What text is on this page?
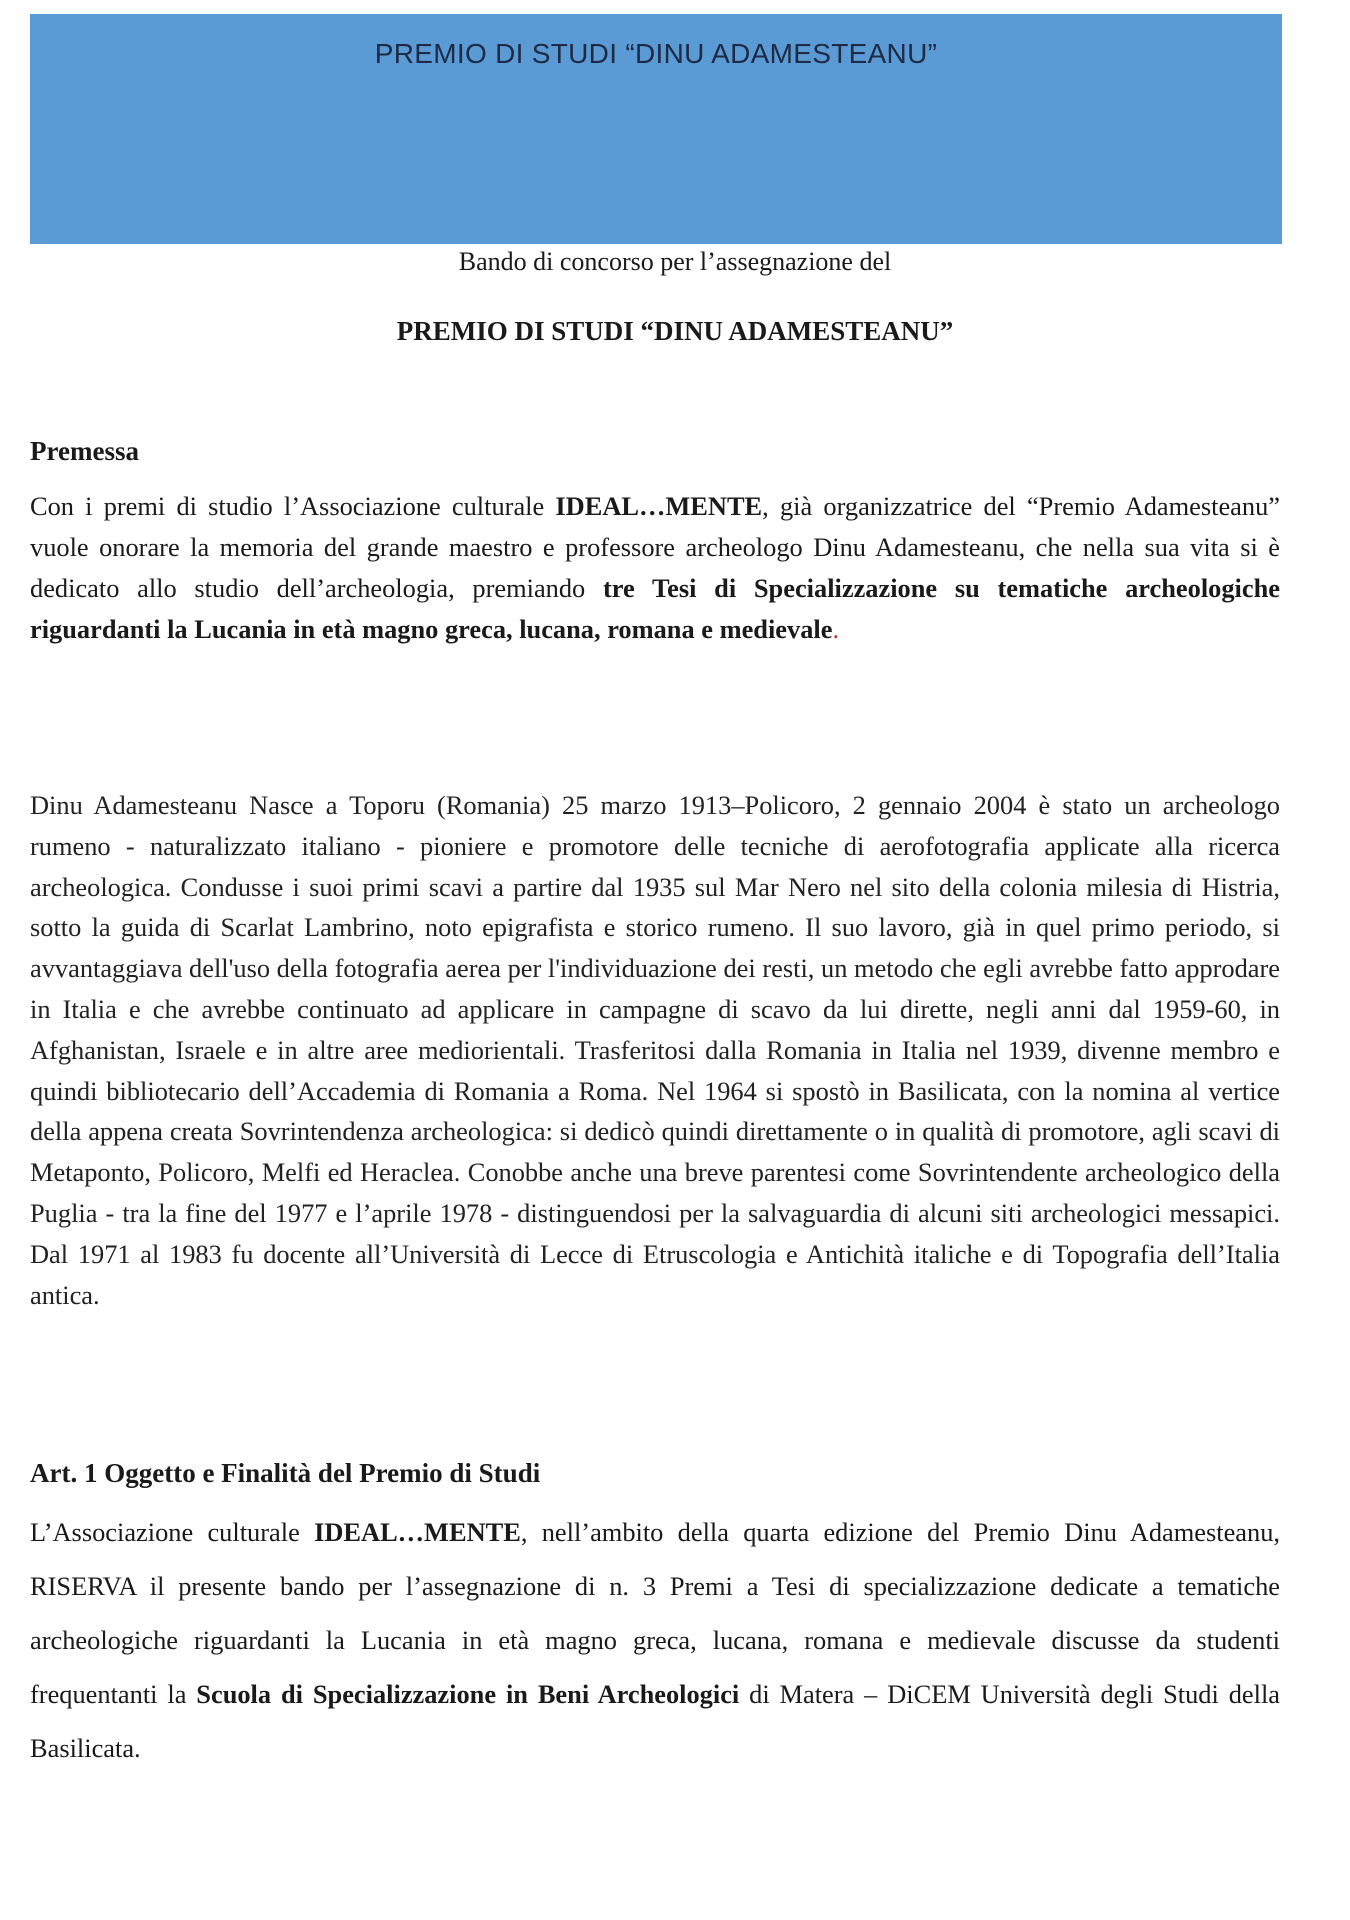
PREMIO DI STUDI “DINU ADAMESTEANU”
Bando di concorso per l’assegnazione del
PREMIO DI STUDI “DINU ADAMESTEANU”
Premessa
Con i premi di studio l’Associazione culturale IDEAL…MENTE, già organizzatrice del “Premio Adamesteanu” vuole onorare la memoria del grande maestro e professore archeologo Dinu Adamesteanu, che nella sua vita si è dedicato allo studio dell’archeologia, premiando tre Tesi di Specializzazione su tematiche archeologiche riguardanti la Lucania in età magno greca, lucana, romana e medievale.
Dinu Adamesteanu Nasce a Toporu (Romania) 25 marzo 1913–Policoro, 2 gennaio 2004 è stato un archeologo rumeno - naturalizzato italiano - pioniere e promotore delle tecniche di aerofotografia applicate alla ricerca archeologica. Condusse i suoi primi scavi a partire dal 1935 sul Mar Nero nel sito della colonia milesia di Histria, sotto la guida di Scarlat Lambrino, noto epigrafista e storico rumeno. Il suo lavoro, già in quel primo periodo, si avvantaggiava dell'uso della fotografia aerea per l'individuazione dei resti, un metodo che egli avrebbe fatto approdare in Italia e che avrebbe continuato ad applicare in campagne di scavo da lui dirette, negli anni dal 1959-60, in Afghanistan, Israele e in altre aree mediorientali. Trasferitosi dalla Romania in Italia nel 1939, divenne membro e quindi bibliotecario dell’Accademia di Romania a Roma. Nel 1964 si spostò in Basilicata, con la nomina al vertice della appena creata Sovrintendenza archeologica: si dedicò quindi direttamente o in qualità di promotore, agli scavi di Metaponto, Policoro, Melfi ed Heraclea. Conobbe anche una breve parentesi come Sovrintendente archeologico della Puglia - tra la fine del 1977 e l’aprile 1978 - distinguendosi per la salvaguardia di alcuni siti archeologici messapici. Dal 1971 al 1983 fu docente all’Università di Lecce di Etruscologia e Antichità italiche e di Topografia dell’Italia antica.
Art. 1 Oggetto e Finalità del Premio di Studi
L’Associazione culturale IDEAL…MENTE, nell’ambito della quarta edizione del Premio Dinu Adamesteanu, RISERVA il presente bando per l’assegnazione di n. 3 Premi a Tesi di specializzazione dedicate a tematiche archeologiche riguardanti la Lucania in età magno greca, lucana, romana e medievale discusse da studenti frequentanti la Scuola di Specializzazione in Beni Archeologici di Matera – DiCEM Università degli Studi della Basilicata.
